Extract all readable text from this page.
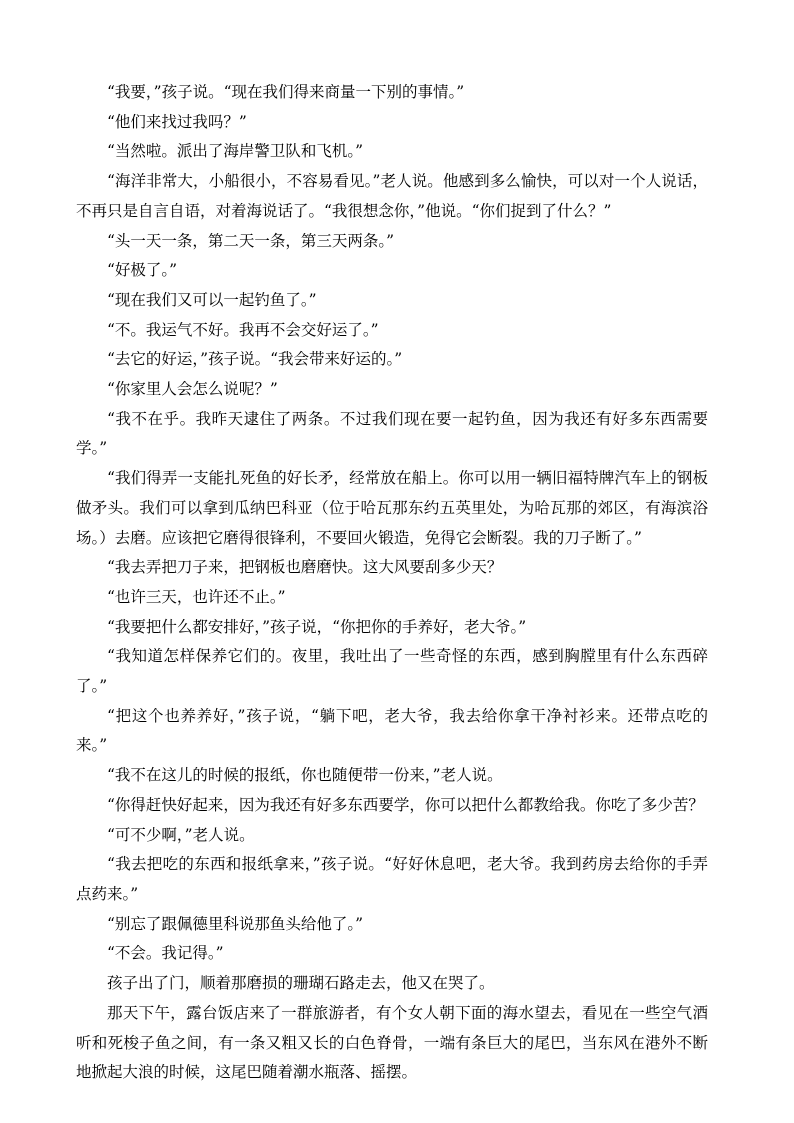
“我要，”孩子说。“现在我们得来商量一下别的事情。”

“他们来找过我吗？”

“当然啦。派出了海岸警卫队和飞机。”

“海洋非常大，小船很小，不容易看见。”老人说。他感到多么愉快，可以对一个人说话，不再只是自言自语，对着海说话了。“我很想念你，”他说。“你们捉到了什么？”

“头一天一条，第二天一条，第三天两条。”

“好极了。”

“现在我们又可以一起钓鱼了。”

“不。我运气不好。我再不会交好运了。”

“去它的好运，”孩子说。“我会带来好运的。”

“你家里人会怎么说呢？”

“我不在乎。我昨天逮住了两条。不过我们现在要一起钓鱼，因为我还有好多东西需要学。”

“我们得弄一支能扎死鱼的好长矛，经常放在船上。你可以用一辆旧福特牌汽车上的钢板做矛头。我们可以拿到瓜纳巴科亚（位于哈瓦那东约五英里处，为哈瓦那的郊区，有海滨浴场。）去磨。应该把它磨得很锋利，不要回火锻造，免得它会断裂。我的刀子断了。”

“我去弄把刀子来，把钢板也磨磨快。这大风要刮多少天？

“也许三天，也许还不止。”

“我要把什么都安排好，”孩子说，“你把你的手养好，老大爷。”

“我知道怎样保养它们的。夜里，我吐出了一些奇怪的东西，感到胸膛里有什么东西碎了。”

“把这个也养养好，”孩子说，“躺下吧，老大爷，我去给你拿干净衬衫来。还带点吃的来。”

“我不在这儿的时候的报纸，你也随便带一份来，”老人说。

“你得赶快好起来，因为我还有好多东西要学，你可以把什么都教给我。你吃了多少苦？

“可不少啊，”老人说。

“我去把吃的东西和报纸拿来，”孩子说。“好好休息吧，老大爷。我到药房去给你的手弄点药来。”

“别忘了跟佩德里科说那鱼头给他了。”

“不会。我记得。”

孩子出了门，顺着那磨损的珊瑚石路走去，他又在哭了。

那天下午，露台饭店来了一群旅游者，有个女人朝下面的海水望去，看见在一些空气酒听和死梭子鱼之间，有一条又粗又长的白色脊骨，一端有条巨大的尾巴，当东风在港外不断地掀起大浪的时候，这尾巴随着潮水瓶落、摇摆。
